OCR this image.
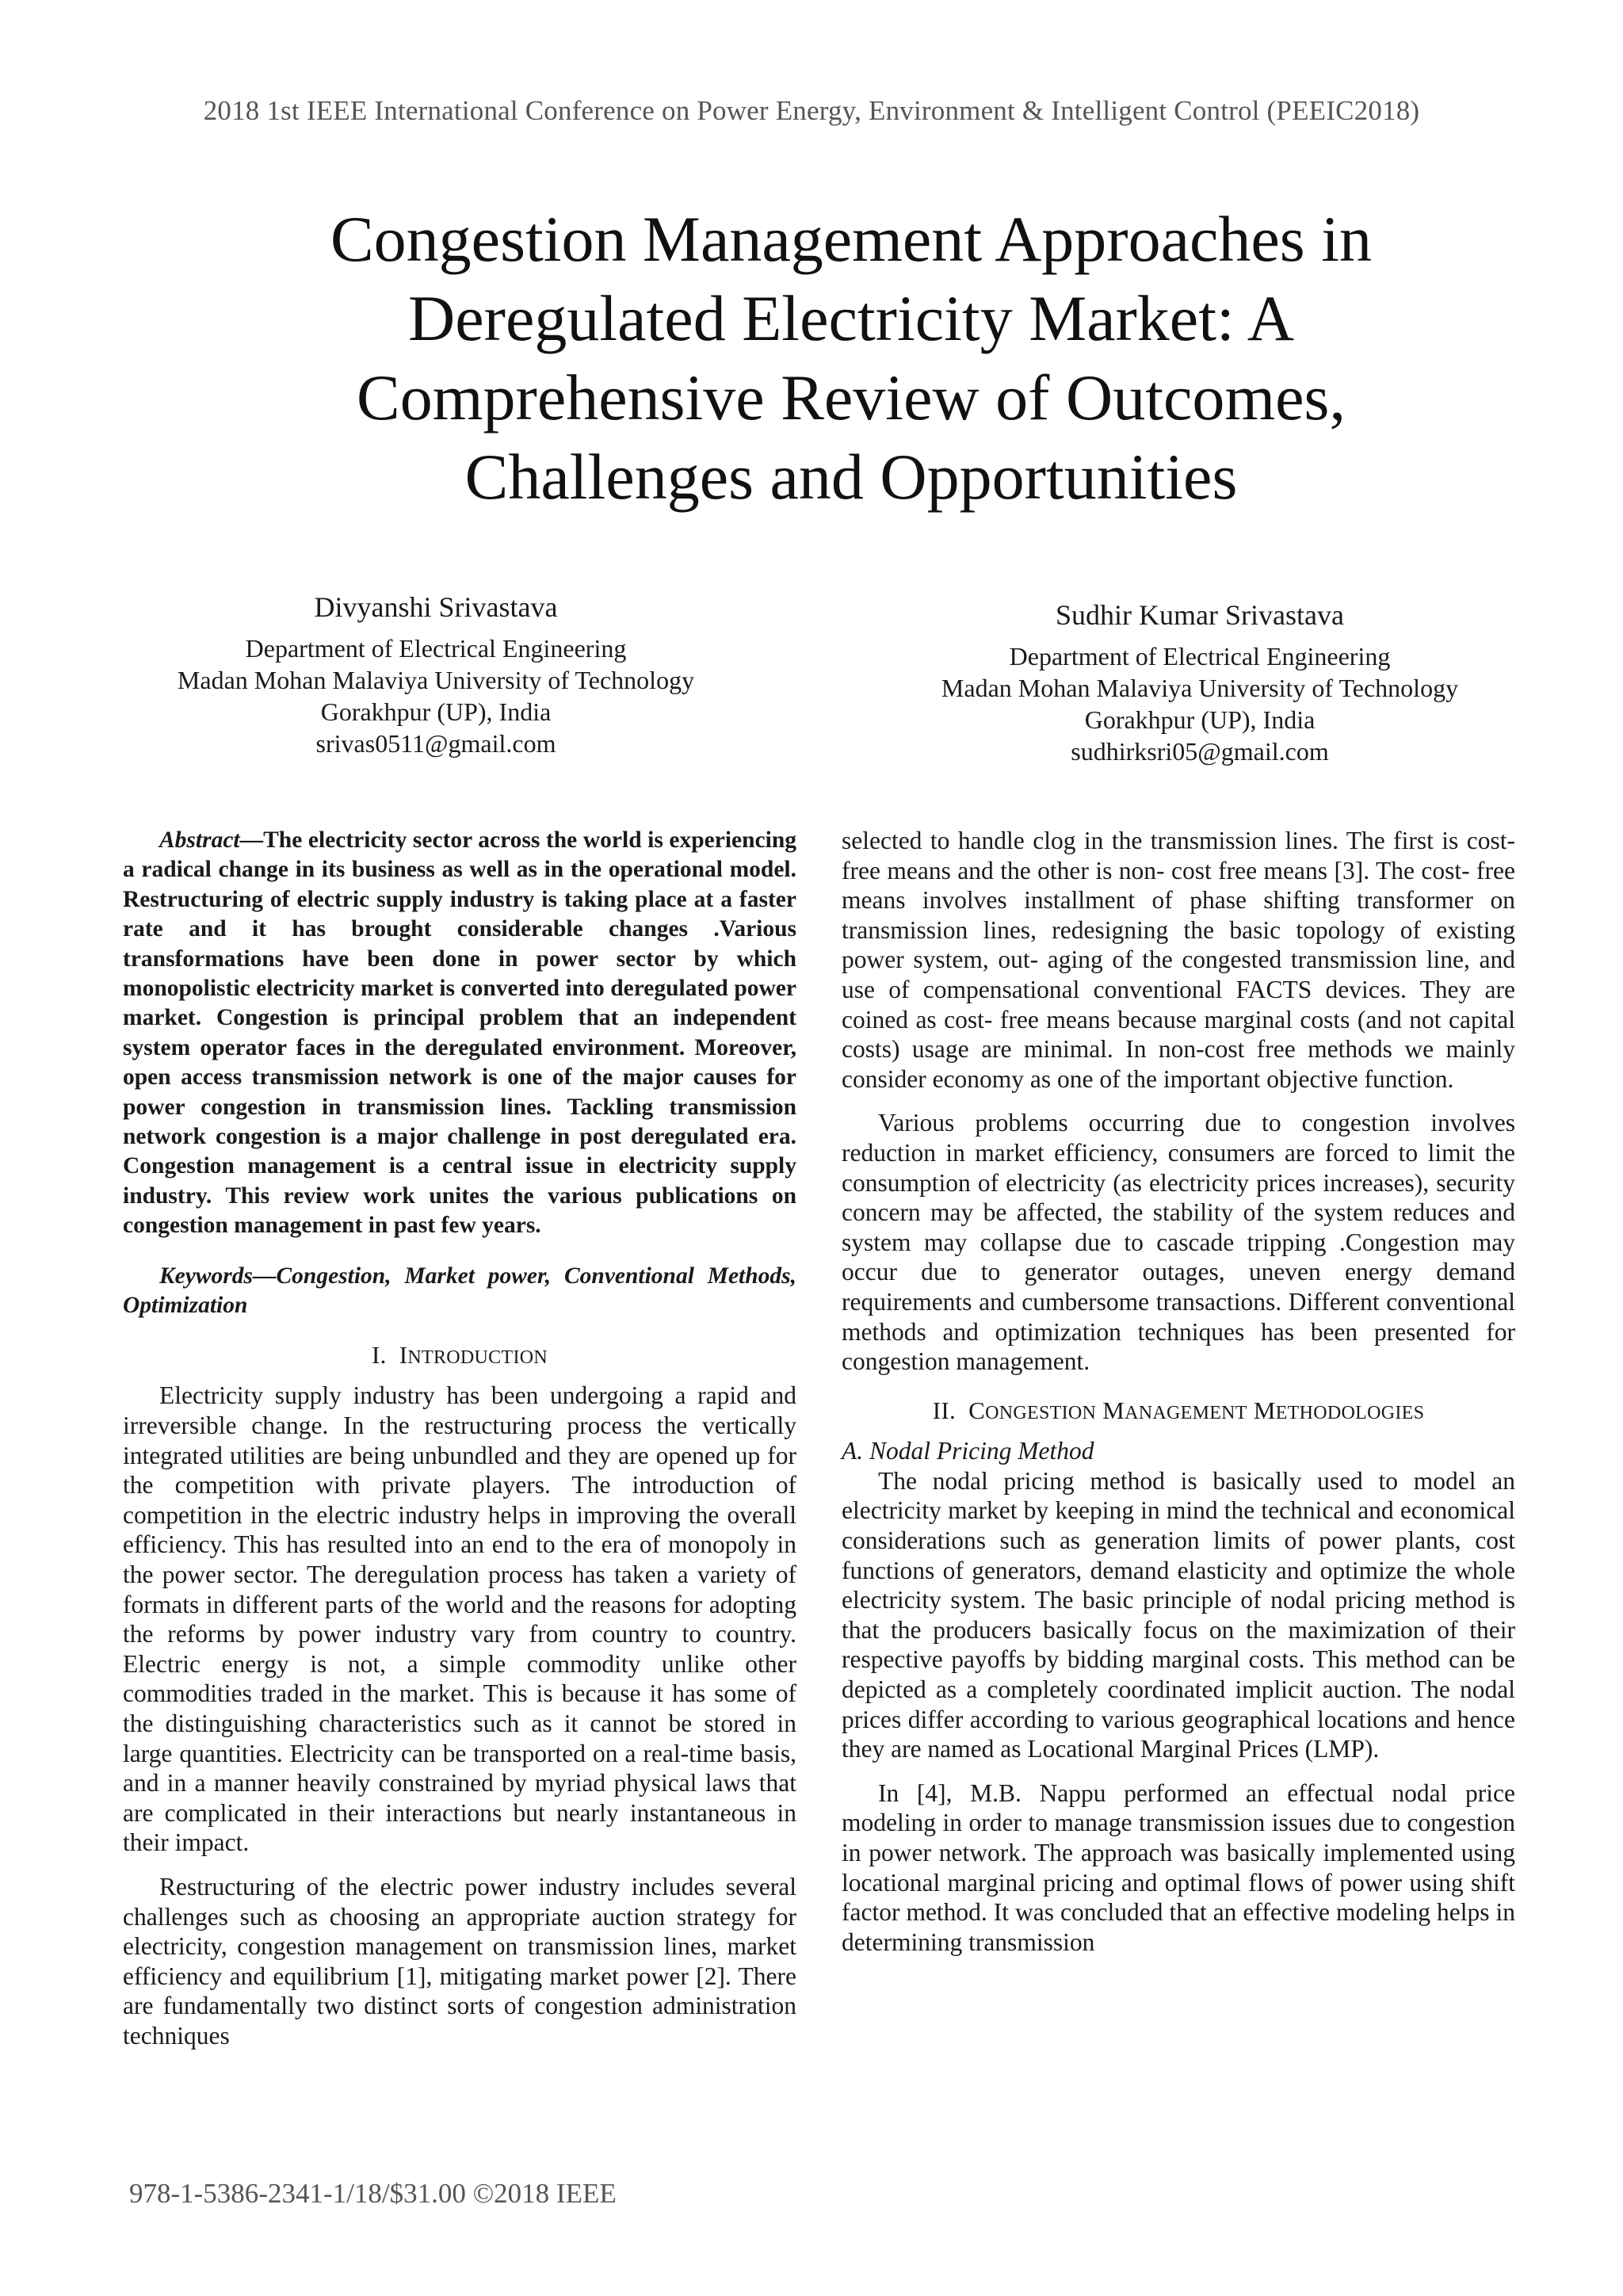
2018 1st IEEE International Conference on Power Energy, Environment & Intelligent Control (PEEIC2018)
Congestion Management Approaches in
Deregulated Electricity Market: A
Comprehensive Review of Outcomes,
Challenges and Opportunities
Divyanshi Srivastava
Department of Electrical Engineering
Madan Mohan Malaviya University of Technology
Gorakhpur (UP), India
srivas0511@gmail.com
Sudhir Kumar Srivastava
Department of Electrical Engineering
Madan Mohan Malaviya University of Technology
Gorakhpur (UP), India
sudhirksri05@gmail.com

Abstract—The electricity sector across the world is experiencing a radical change in its business as well as in the operational model. Restructuring of electric supply industry is taking place at a faster rate and it has brought considerable changes .Various transformations have been done in power sector by which monopolistic electricity market is converted into deregulated power market. Congestion is principal problem that an independent system operator faces in the deregulated environment. Moreover, open access transmission network is one of the major causes for power congestion in transmission lines. Tackling transmission network congestion is a major challenge in post deregulated era. Congestion management is a central issue in electricity supply industry. This review work unites the various publications on congestion management in past few years.

Keywords—Congestion, Market power, Conventional Methods, Optimization

I. INTRODUCTION

Electricity supply industry has been undergoing a rapid and irreversible change. In the restructuring process the vertically integrated utilities are being unbundled and they are opened up for the competition with private players. The introduction of competition in the electric industry helps in improving the overall efficiency. This has resulted into an end to the era of monopoly in the power sector. The deregulation process has taken a variety of formats in different parts of the world and the reasons for adopting the reforms by power industry vary from country to country. Electric energy is not, a simple commodity unlike other commodities traded in the market. This is because it has some of the distinguishing characteristics such as it cannot be stored in large quantities. Electricity can be transported on a real-time basis, and in a manner heavily constrained by myriad physical laws that are complicated in their interactions but nearly instantaneous in their impact.

Restructuring of the electric power industry includes several challenges such as choosing an appropriate auction strategy for electricity, congestion management on transmission lines, market efficiency and equilibrium [1], mitigating market power [2]. There are fundamentally two distinct sorts of congestion administration techniques

selected to handle clog in the transmission lines. The first is cost- free means and the other is non- cost free means [3]. The cost- free means involves installment of phase shifting transformer on transmission lines, redesigning the basic topology of existing power system, out- aging of the congested transmission line, and use of compensational conventional FACTS devices. They are coined as cost- free means because marginal costs (and not capital costs) usage are minimal. In non-cost free methods we mainly consider economy as one of the important objective function.

Various problems occurring due to congestion involves reduction in market efficiency, consumers are forced to limit the consumption of electricity (as electricity prices increases), security concern may be affected, the stability of the system reduces and system may collapse due to cascade tripping .Congestion may occur due to generator outages, uneven energy demand requirements and cumbersome transactions. Different conventional methods and optimization techniques has been presented for congestion management.

II. CONGESTION MANAGEMENT METHODOLOGIES

A. Nodal Pricing Method

The nodal pricing method is basically used to model an electricity market by keeping in mind the technical and economical considerations such as generation limits of power plants, cost functions of generators, demand elasticity and optimize the whole electricity system. The basic principle of nodal pricing method is that the producers basically focus on the maximization of their respective payoffs by bidding marginal costs. This method can be depicted as a completely coordinated implicit auction. The nodal prices differ according to various geographical locations and hence they are named as Locational Marginal Prices (LMP).

In [4], M.B. Nappu performed an effectual nodal price modeling in order to manage transmission issues due to congestion in power network. The approach was basically implemented using locational marginal pricing and optimal flows of power using shift factor method. It was concluded that an effective modeling helps in determining transmission

978-1-5386-2341-1/18/$31.00 ©2018 IEEE
